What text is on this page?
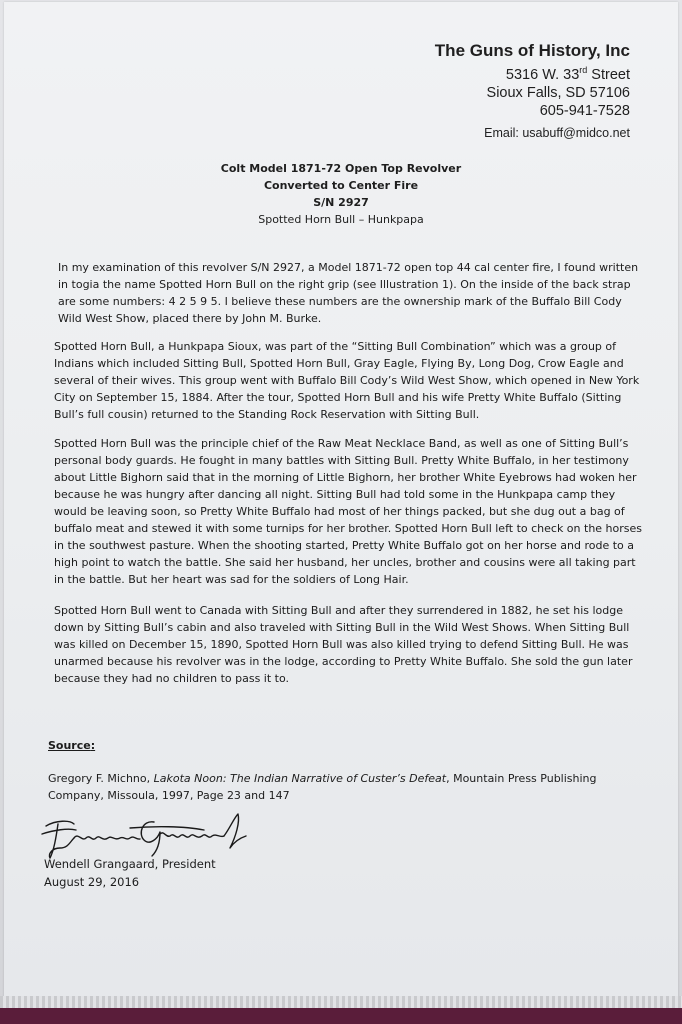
The Guns of History, Inc
5316 W. 33rd Street
Sioux Falls, SD 57106
605-941-7528
Email: usabuff@midco.net
Colt Model 1871-72 Open Top Revolver
Converted to Center Fire
S/N 2927
Spotted Horn Bull – Hunkpapa

In my examination of this revolver S/N 2927, a Model 1871-72 open top 44 cal center fire, I found written in togia the name Spotted Horn Bull on the right grip (see Illustration 1). On the inside of the back strap are some numbers: 4 2 5 9 5. I believe these numbers are the ownership mark of the Buffalo Bill Cody Wild West Show, placed there by John M. Burke.

Spotted Horn Bull, a Hunkpapa Sioux, was part of the “Sitting Bull Combination” which was a group of Indians which included Sitting Bull, Spotted Horn Bull, Gray Eagle, Flying By, Long Dog, Crow Eagle and several of their wives. This group went with Buffalo Bill Cody’s Wild West Show, which opened in New York City on September 15, 1884. After the tour, Spotted Horn Bull and his wife Pretty White Buffalo (Sitting Bull’s full cousin) returned to the Standing Rock Reservation with Sitting Bull.

Spotted Horn Bull was the principle chief of the Raw Meat Necklace Band, as well as one of Sitting Bull’s personal body guards. He fought in many battles with Sitting Bull. Pretty White Buffalo, in her testimony about Little Bighorn said that in the morning of Little Bighorn, her brother White Eyebrows had woken her because he was hungry after dancing all night. Sitting Bull had told some in the Hunkpapa camp they would be leaving soon, so Pretty White Buffalo had most of her things packed, but she dug out a bag of buffalo meat and stewed it with some turnips for her brother. Spotted Horn Bull left to check on the horses in the southwest pasture. When the shooting started, Pretty White Buffalo got on her horse and rode to a high point to watch the battle. She said her husband, her uncles, brother and cousins were all taking part in the battle. But her heart was sad for the soldiers of Long Hair.

Spotted Horn Bull went to Canada with Sitting Bull and after they surrendered in 1882, he set his lodge down by Sitting Bull’s cabin and also traveled with Sitting Bull in the Wild West Shows. When Sitting Bull was killed on December 15, 1890, Spotted Horn Bull was also killed trying to defend Sitting Bull. He was unarmed because his revolver was in the lodge, according to Pretty White Buffalo. She sold the gun later because they had no children to pass it to.

Source:

Gregory F. Michno, Lakota Noon: The Indian Narrative of Custer’s Defeat, Mountain Press Publishing Company, Missoula, 1997, Page 23 and 147

Wendell Grangaard, President
August 29, 2016
